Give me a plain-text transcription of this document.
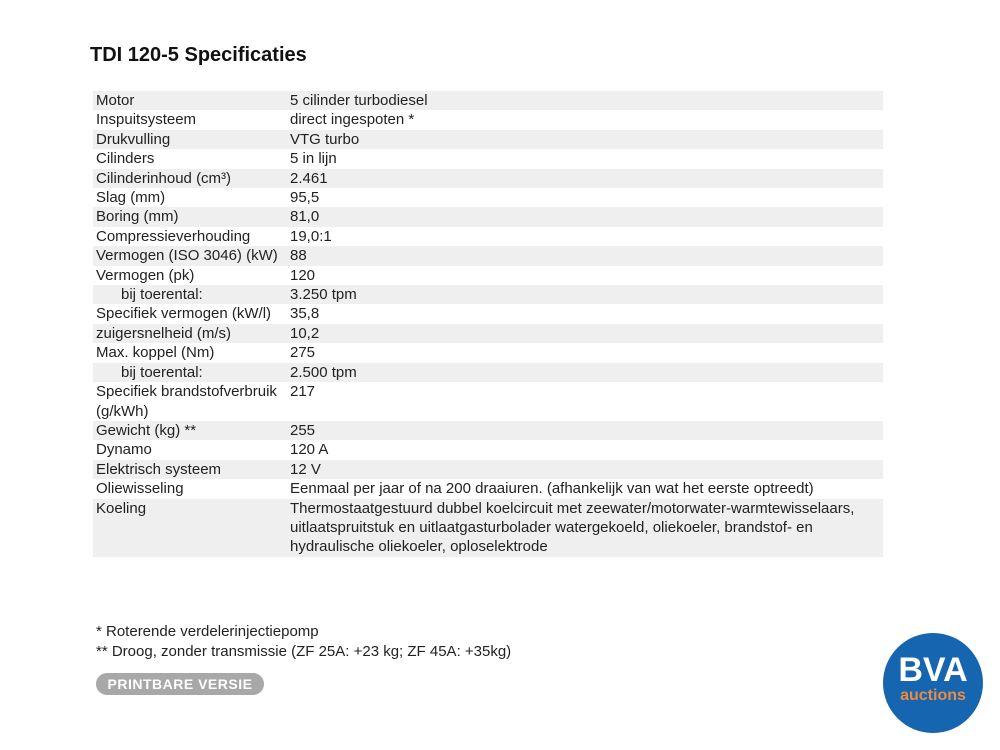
TDI 120-5 Specificaties
Motor	5 cilinder turbodiesel
Inspuitsysteem	direct ingespoten *
Drukvulling	VTG turbo
Cilinders	5 in lijn
Cilinderinhoud (cm³)	2.461
Slag (mm)	95,5
Boring (mm)	81,0
Compressieverhouding	19,0:1
Vermogen (ISO 3046) (kW)	88
Vermogen (pk)	120
bij toerental:	3.250 tpm
Specifiek vermogen (kW/l)	35,8
zuigersnelheid (m/s)	10,2
Max. koppel (Nm)	275
bij toerental:	2.500 tpm
Specifiek brandstofverbruik (g/kWh)	217
Gewicht (kg) **	255
Dynamo	120 A
Elektrisch systeem	12 V
Oliewisseling	Eenmaal per jaar of na 200 draaiuren. (afhankelijk van wat het eerste optreedt)
Koeling	Thermostaatgestuurd dubbel koelcircuit met zeewater/motorwater-warmtewisselaars, uitlaatspruitstuk en uitlaatgasturbolader watergekoeld, oliekoeler, brandstof- en hydraulische oliekoeler, oploselektrode
* Roterende verdelerinjectiepomp
** Droog, zonder transmissie (ZF 25A: +23 kg; ZF 45A: +35kg)
PRINTBARE VERSIE	BVA
auctions
